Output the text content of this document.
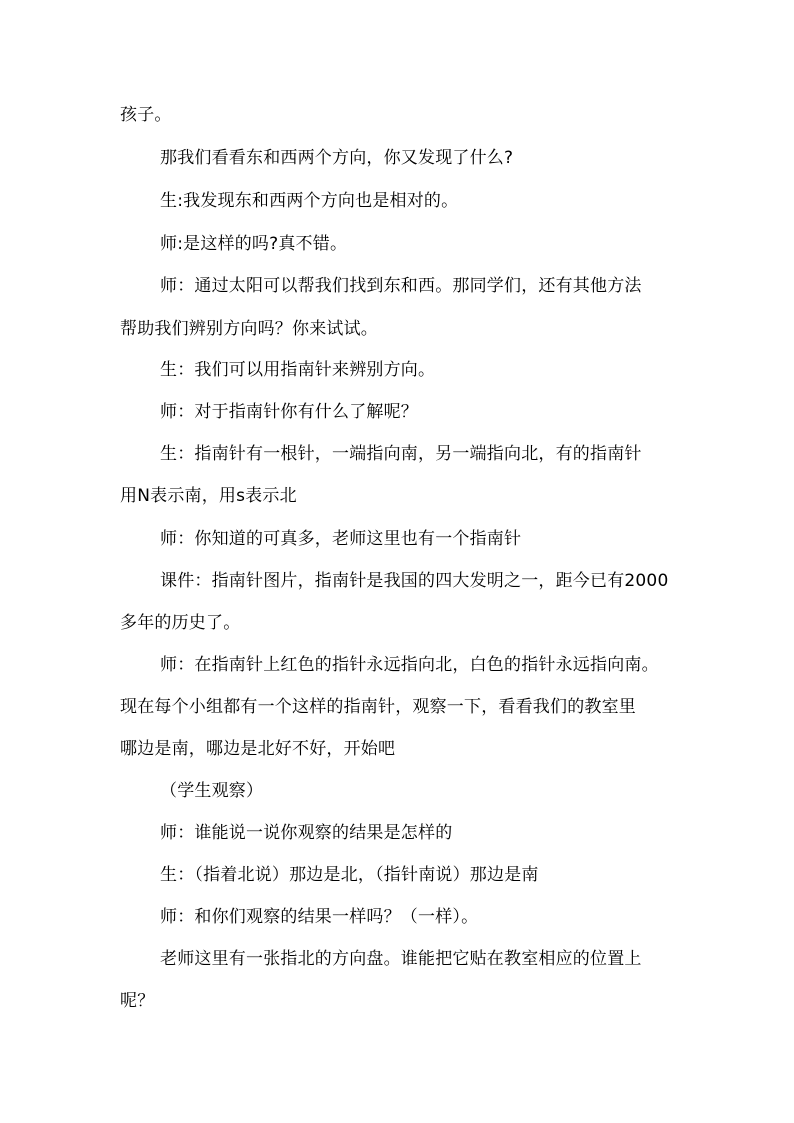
孩子。
那我们看看东和西两个方向，你又发现了什么?
生:我发现东和西两个方向也是相对的。
师:是这样的吗?真不错。
师：通过太阳可以帮我们找到东和西。那同学们，还有其他方法
帮助我们辨别方向吗？你来试试。
生：我们可以用指南针来辨别方向。
师：对于指南针你有什么了解呢？
生：指南针有一根针，一端指向南，另一端指向北，有的指南针
用N表示南，用s表示北
师：你知道的可真多，老师这里也有一个指南针
课件：指南针图片，指南针是我国的四大发明之一，距今已有2000
多年的历史了。
师：在指南针上红色的指针永远指向北，白色的指针永远指向南。
现在每个小组都有一个这样的指南针，观察一下，看看我们的教室里
哪边是南，哪边是北好不好，开始吧
（学生观察）
师：谁能说一说你观察的结果是怎样的
生：（指着北说）那边是北，（指针南说）那边是南
师：和你们观察的结果一样吗？（一样）。
老师这里有一张指北的方向盘。谁能把它贴在教室相应的位置上
呢？
